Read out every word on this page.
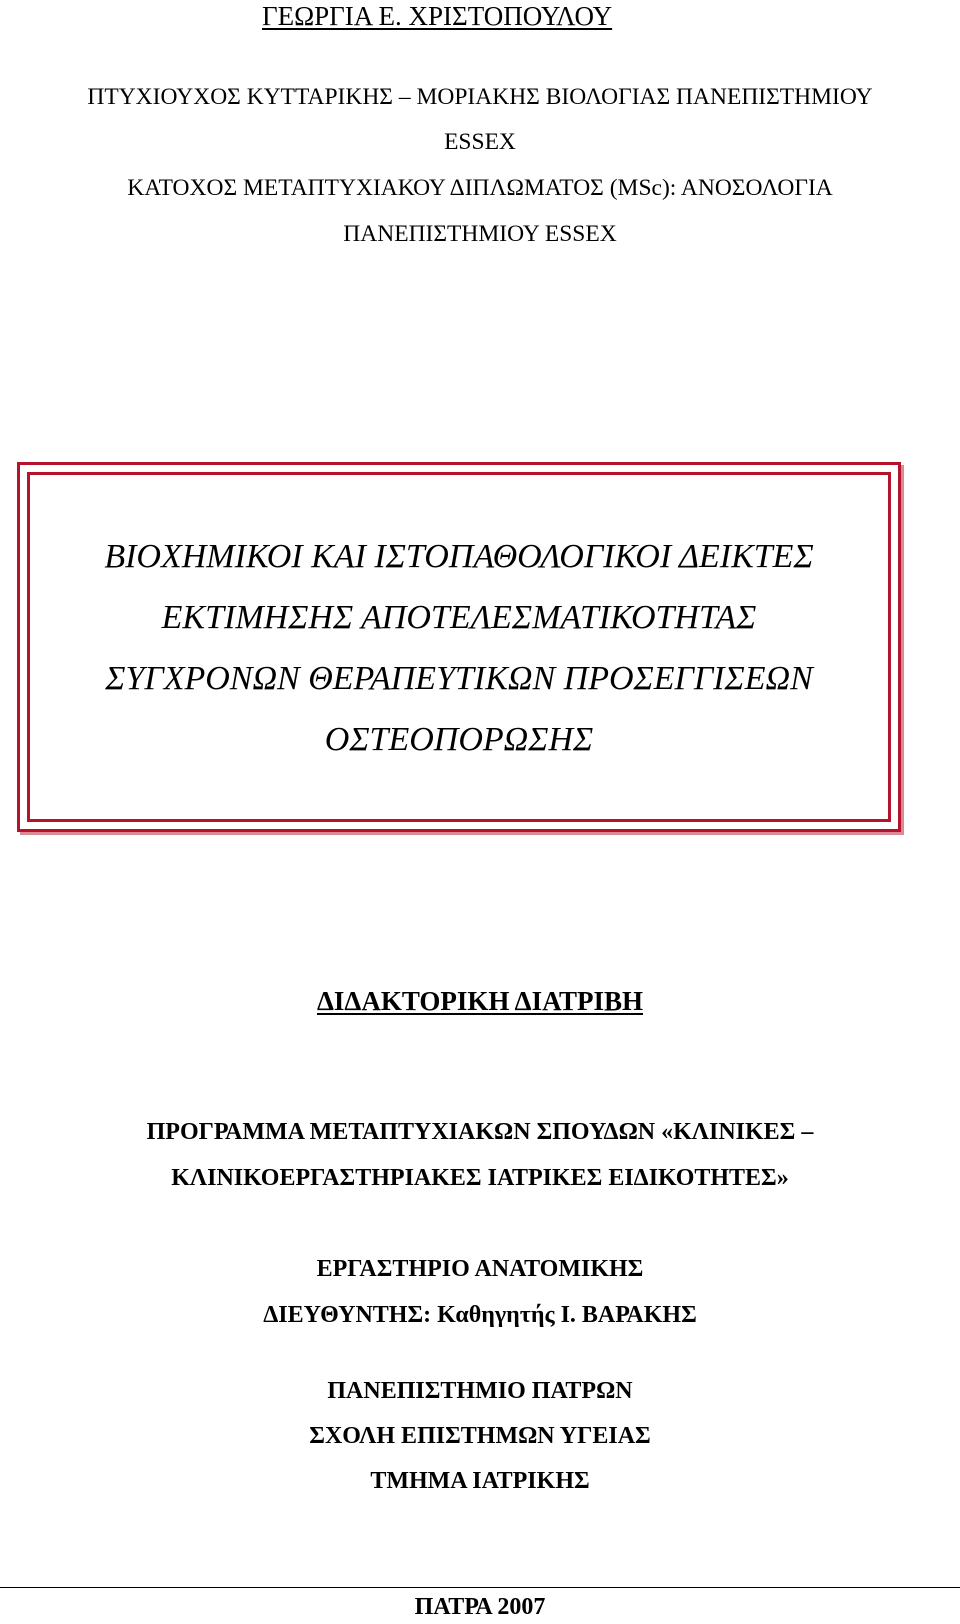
ΓΕΩΡΓΙΑ Ε. ΧΡΙΣΤΟΠΟΥΛΟΥ
ΠΤΥΧΙΟΥΧΟΣ ΚΥΤΤΑΡΙΚΗΣ – ΜΟΡΙΑΚΗΣ ΒΙΟΛΟΓΙΑΣ ΠΑΝΕΠΙΣΤΗΜΙΟΥ
ESSEX
ΚΑΤΟΧΟΣ ΜΕΤΑΠΤΥΧΙΑΚΟΥ ΔΙΠΛΩΜΑΤΟΣ (MSc): ΑΝΟΣΟΛΟΓΙΑ
ΠΑΝΕΠΙΣΤΗΜΙΟΥ ESSEX
ΒΙΟΧΗΜΙΚΟΙ ΚΑΙ ΙΣΤΟΠΑΘΟΛΟΓΙΚΟΙ ΔΕΙΚΤΕΣ
ΕΚΤΙΜΗΣΗΣ ΑΠΟΤΕΛΕΣΜΑΤΙΚΟΤΗΤΑΣ
ΣΥΓΧΡΟΝΩΝ ΘΕΡΑΠΕΥΤΙΚΩΝ ΠΡΟΣΕΓΓΙΣΕΩΝ
ΟΣΤΕΟΠΟΡΩΣΗΣ
ΔΙΔΑΚΤΟΡΙΚΗ ΔΙΑΤΡΙΒΗ
ΠΡΟΓΡΑΜΜΑ ΜΕΤΑΠΤΥΧΙΑΚΩΝ ΣΠΟΥΔΩΝ «ΚΛΙΝΙΚΕΣ –
ΚΛΙΝΙΚΟΕΡΓΑΣΤΗΡΙΑΚΕΣ ΙΑΤΡΙΚΕΣ ΕΙΔΙΚΟΤΗΤΕΣ»
ΕΡΓΑΣΤΗΡΙΟ ΑΝΑΤΟΜΙΚΗΣ
ΔΙΕΥΘΥΝΤΗΣ: Καθηγητής Ι. ΒΑΡΑΚΗΣ
ΠΑΝΕΠΙΣΤΗΜΙΟ ΠΑΤΡΩΝ
ΣΧΟΛΗ ΕΠΙΣΤΗΜΩΝ ΥΓΕΙΑΣ
ΤΜΗΜΑ ΙΑΤΡΙΚΗΣ
ΠΑΤΡΑ 2007
